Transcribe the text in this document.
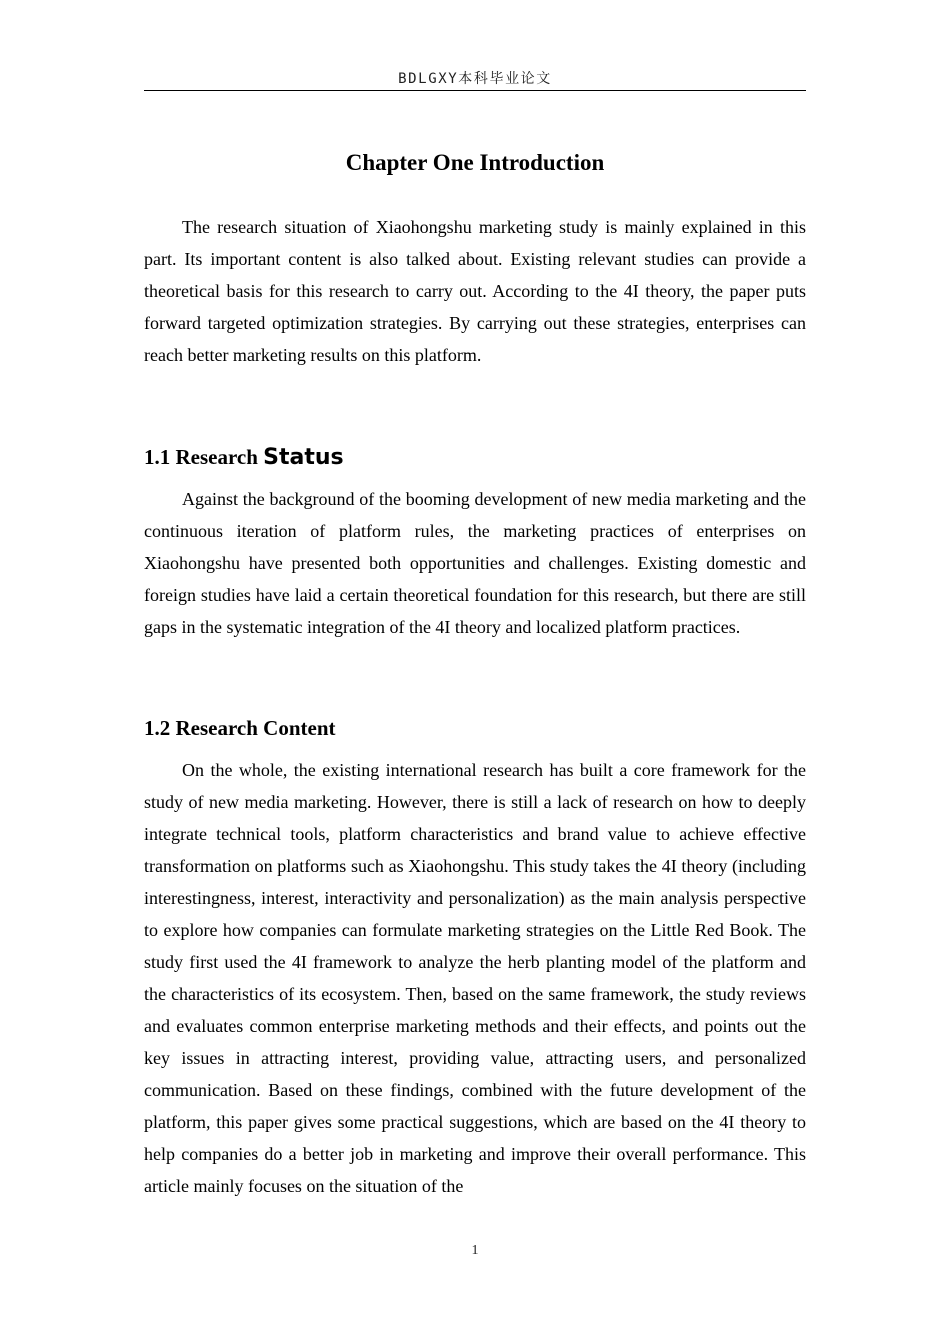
BDLGXY本科毕业论文
Chapter One Introduction

The research situation of Xiaohongshu marketing study is mainly explained in this part. Its important content is also talked about. Existing relevant studies can provide a theoretical basis for this research to carry out. According to the 4I theory, the paper puts forward targeted optimization strategies. By carrying out these strategies, enterprises can reach better marketing results on this platform.

1.1 Research Status

Against the background of the booming development of new media marketing and the continuous iteration of platform rules, the marketing practices of enterprises on Xiaohongshu have presented both opportunities and challenges. Existing domestic and foreign studies have laid a certain theoretical foundation for this research, but there are still gaps in the systematic integration of the 4I theory and localized platform practices.

1.2 Research Content

On the whole, the existing international research has built a core framework for the study of new media marketing. However, there is still a lack of research on how to deeply integrate technical tools, platform characteristics and brand value to achieve effective transformation on platforms such as Xiaohongshu. This study takes the 4I theory (including interestingness, interest, interactivity and personalization) as the main analysis perspective to explore how companies can formulate marketing strategies on the Little Red Book. The study first used the 4I framework to analyze the herb planting model of the platform and the characteristics of its ecosystem. Then, based on the same framework, the study reviews and evaluates common enterprise marketing methods and their effects, and points out the key issues in attracting interest, providing value, attracting users, and personalized communication. Based on these findings, combined with the future development of the platform, this paper gives some practical suggestions, which are based on the 4I theory to help companies do a better job in marketing and improve their overall performance. This article mainly focuses on the situation of the

1
